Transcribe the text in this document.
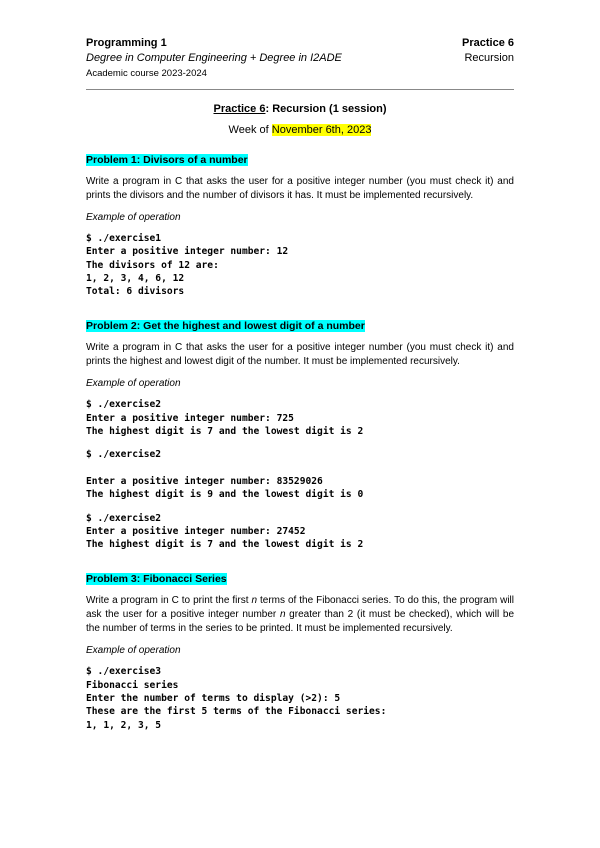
Programming 1
Degree in Computer Engineering + Degree in I2ADE
Academic course 2023-2024
Practice 6
Recursion
Practice 6: Recursion (1 session)
Week of November 6th, 2023
Problem 1: Divisors of a number
Write a program in C that asks the user for a positive integer number (you must check it) and prints the divisors and the number of divisors it has. It must be implemented recursively.
Example of operation
$ ./exercise1
Enter a positive integer number: 12
The divisors of 12 are:
1, 2, 3, 4, 6, 12
Total: 6 divisors
Problem 2: Get the highest and lowest digit of a number
Write a program in C that asks the user for a positive integer number (you must check it) and prints the highest and lowest digit of the number. It must be implemented recursively.
Example of operation
$ ./exercise2
Enter a positive integer number: 725
The highest digit is 7 and the lowest digit is 2
$ ./exercise2

Enter a positive integer number: 83529026
The highest digit is 9 and the lowest digit is 0
$ ./exercise2
Enter a positive integer number: 27452
The highest digit is 7 and the lowest digit is 2
Problem 3: Fibonacci Series
Write a program in C to print the first n terms of the Fibonacci series. To do this, the program will ask the user for a positive integer number n greater than 2 (it must be checked), which will be the number of terms in the series to be printed. It must be implemented recursively.
Example of operation
$ ./exercise3
Fibonacci series
Enter the number of terms to display (>2): 5
These are the first 5 terms of the Fibonacci series:
1, 1, 2, 3, 5
